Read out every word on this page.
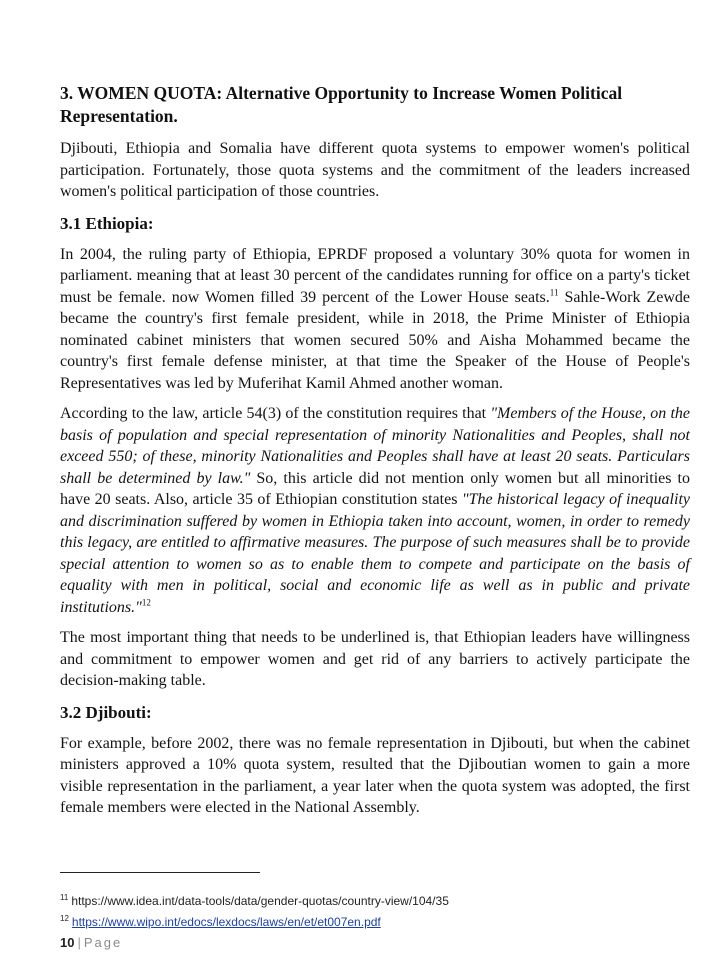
3. WOMEN QUOTA: Alternative Opportunity to Increase Women Political Representation.

Djibouti, Ethiopia and Somalia have different quota systems to empower women's political participation. Fortunately, those quota systems and the commitment of the leaders increased women's political participation of those countries.

3.1 Ethiopia:

In 2004, the ruling party of Ethiopia, EPRDF proposed a voluntary 30% quota for women in parliament. meaning that at least 30 percent of the candidates running for office on a party's ticket must be female. now Women filled 39 percent of the Lower House seats.$^{11}$ Sahle-Work Zewde became the country's first female president, while in 2018, the Prime Minister of Ethiopia nominated cabinet ministers that women secured 50% and Aisha Mohammed became the country's first female defense minister, at that time the Speaker of the House of People's Representatives was led by Muferihat Kamil Ahmed another woman.

According to the law, article 54(3) of the constitution requires that "Members of the House, on the basis of population and special representation of minority Nationalities and Peoples, shall not exceed 550; of these, minority Nationalities and Peoples shall have at least 20 seats. Particulars shall be determined by law." So, this article did not mention only women but all minorities to have 20 seats. Also, article 35 of Ethiopian constitution states "The historical legacy of inequality and discrimination suffered by women in Ethiopia taken into account, women, in order to remedy this legacy, are entitled to affirmative measures. The purpose of such measures shall be to provide special attention to women so as to enable them to compete and participate on the basis of equality with men in political, social and economic life as well as in public and private institutions."$^{12}$

The most important thing that needs to be underlined is, that Ethiopian leaders have willingness and commitment to empower women and get rid of any barriers to actively participate the decision-making table.

3.2 Djibouti:

For example, before 2002, there was no female representation in Djibouti, but when the cabinet ministers approved a 10% quota system, resulted that the Djiboutian women to gain a more visible representation in the parliament, a year later when the quota system was adopted, the first female members were elected in the National Assembly.

$^{11}$ https://www.idea.int/data-tools/data/gender-quotas/country-view/104/35
$^{12}$ https://www.wipo.int/edocs/lexdocs/laws/en/et/et007en.pdf
10 | Page
